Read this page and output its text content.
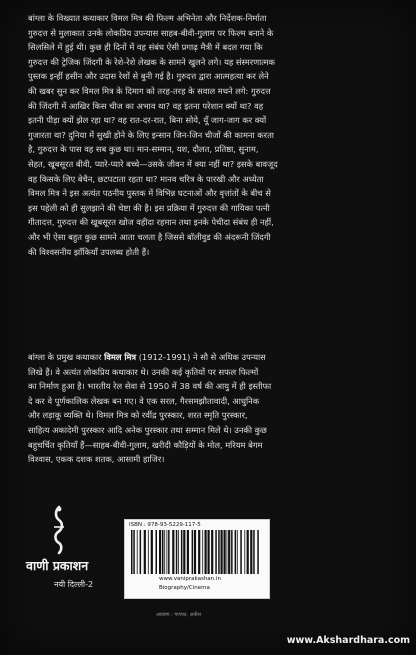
बांग्ला के विख्यात कथाकार विमल मित्र की फिल्म अभिनेता और निर्देशक-निर्माता
गुरुदत्त से मुलाकात उनके लोकप्रिय उपन्यास साहब-बीवी-गुलाम पर फिल्म बनाने के
सिलसिले में हुई थी। कुछ ही दिनों में वह संबंध ऐसी प्रगाढ़ मैत्री में बदल गया कि
गुरुदत्त की ट्रेजिक जिंदगी के रेशे-रेशे लेखक के सामने खुलने लगे। यह संस्मरणात्मक
पुस्तक इन्हीं हसीन और उदास रेशों से बुनी गई है। गुरुदत्त द्वारा आत्महत्या कर लेने
की खबर सुन कर विमल मित्र के दिमाग को तरह-तरह के सवाल मथने लगे: गुरुदत्त
की जिंदगी में आखिर किस चीज का अभाव था? वह इतना परेशान क्यों था? वह
इतनी पीड़ा क्यों झेल रहा था? वह रात-दर-रात, बिना सोये, यूँ जाग-जाग कर क्यों
गुजारता था? दुनिया में सुखी होने के लिए इन्सान जिन-जिन चीजों की कामना करता
है, गुरुदत्त के पास वह सब कुछ था। मान-सम्मान, यश, दौलत, प्रतिष्ठा, सुनाम,
सेहत, खूबसूरत बीवी, प्यारे-प्यारे बच्चे—उसके जीवन में क्या नहीं था? इसके बावजूद
वह किसके लिए बेचैन, छटपटाता रहता था? मानव चरित्र के पारखी और अध्येता
विमल मित्र ने इस अत्यंत पठनीय पुस्तक में विभिन्न घटनाओं और वृत्तांतों के बीच से
इस पहेली को ही सुलझाने की चेष्टा की है। इस प्रक्रिया में गुरुदत्त की गायिका पत्नी
गीतादत्त, गुरुदत्त की खूबसूरत खोज वहीदा रहमान तथा इनके पेचीदा संबंध ही नहीं,
और भी ऐसा बहुत कुछ सामने आता चलता है जिससे बॉलीवुड की अंदरूनी जिंदगी
की विश्वसनीय झाँकियाँ उपलब्ध होती हैं।
बांग्ला के प्रमुख कथाकार विमल मित्र (1912-1991) ने सौ से अधिक उपन्यास
लिखे हैं। वे अत्यंत लोकप्रिय कथाकार थे। उनकी कई कृतियों पर सफल फिल्मों
का निर्माण हुआ है। भारतीय रेल सेवा से 1950 में 38 वर्ष की आयु में ही इस्तीफा
दे कर वे पूर्णकालिक लेखक बन गए। वे एक सरल, गैरसमझौतावादी, आधुनिक
और लड़ाकू व्यक्ति थे। विमल मित्र को रवींद्र पुरस्कार, शरत स्मृति पुरस्कार,
साहित्य अकादेमी पुरस्कार आदि अनेक पुरस्कार तथा सम्मान मिले थे। उनकी कुछ
बहुचर्चित कृतियाँ हैं—साहब-बीवी-गुलाम, खरीदी कौड़ियों के मोल, मरियम बेगम
विश्वास, एकक दशक शतक, आसामी हाजिर।
वाणी प्रकाशन
नयी दिल्ली-2
ISBN : 978-93-5229-117-5
www.vaniprakashan.in
Biography/Cinema
आवरण : गणपत, अनीश
www.Akshardhara.com
